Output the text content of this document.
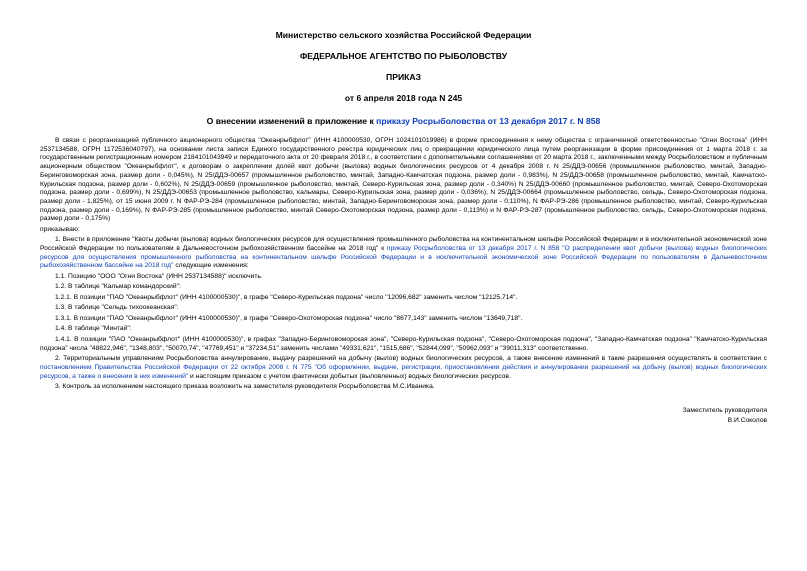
Министерство сельского хозяйства Российской Федерации
ФЕДЕРАЛЬНОЕ АГЕНТСТВО ПО РЫБОЛОВСТВУ
ПРИКАЗ
от 6 апреля 2018 года N 245
О внесении изменений в приложение к приказу Росрыболовства от 13 декабря 2017 г. N 858

В связи с реорганизацией публичного акционерного общества "Океанрыбфлот" (ИНН 4100000530, ОГРН 1024101019986) в форме присоединения к нему общества с ограниченной ответственностью "Огни Востока" (ИНН 2537134588, ОГРН 1172536040797), на основании листа записи Единого государственного реестра юридических лиц о прекращении юридического лица путем реорганизации в форме присоединения от 1 марта 2018 г. за государственным регистрационным номером 2184101043949 и передаточного акта от 20 февраля 2018 г., в соответствии с дополнительными соглашениями от 20 марта 2018 г., заключенными между Росрыболовством и публичным акционерным обществом "Океанрыбфлот", к договорам о закреплении долей квот добычи (вылова) водных биологических ресурсов от 4 декабря 2008 г. N 25/ДДЭ-00656 (промышленное рыболовство, минтай, Западно-Беринговоморская зона, размер доли - 0,045%), N 25/ДДЭ-00657 (промышленное рыболовство, минтай, Западно-Камчатская подзона, размер доли - 0,983%), N 25/ДДЭ-00658 (промышленное рыболовство, минтай, Камчатско-Курильская подзона, размер доли - 0,602%), N 25/ДДЭ-00659 (промышленное рыболовство, минтай, Северо-Курильская зона, размер доли - 0,340%) N 25/ДДЭ-00660 (промышленное рыболовство, минтай, Северо-Охотоморская подзона, размер доли - 0,699%), N 25/ДДЭ-00653 (промышленное рыболовство, кальмары, Северо-Курильская зона, размер доли - 0,036%), N 25/ДДЭ-00664 (промышленное рыболовство, сельдь, Северо-Охотоморская подзона, размер доли - 1,825%), от 15 июня 2009 г. N ФАР-РЭ-284 (промышленное рыболовство, минтай, Западно-Беринговоморская зона, размер доли - 0,110%), N ФАР-РЭ-286 (промышленное рыболовство, минтай, Северо-Курильская подзона, размер доли - 0,169%), N ФАР-РЭ-285 (промышленное рыболовство, минтай Северо-Охотоморская подзона, размер доли - 0,113%) и N ФАР-РЭ-287 (промышленное рыболовство, сельдь, Северо-Охотоморская подзона, размер доли - 0,175%)

приказываю:

1. Внести в приложение "Квоты добычи (вылова) водных биологических ресурсов для осуществления промышленного рыболовства на континентальном шельфе Российской Федерации и в исключительной экономической зоне Российской Федерации по пользователям в Дальневосточном рыбохозяйственном бассейне на 2018 год" к приказу Росрыболовства от 13 декабря 2017 г. N 858 "О распределении квот добычи (вылова) водных биологических ресурсов для осуществления промышленного рыболовства на континентальном шельфе Российской Федерации и в исключительной экономической зоне Российской Федерации по пользователям в Дальневосточном рыбохозяйственном бассейне на 2018 год" следующие изменения:

1.1. Позицию "ООО "Огни Востока" (ИНН 2537134588)" исключить.

1.2. В таблице "Кальмар командорский":

1.2.1. В позиции "ПАО "Океанрыбфлот" (ИНН 4100000530)", в графе "Северо-Курильская подзона" число "12096,682" заменить числом "12125,714".

1.3. В таблице "Сельдь тихоокеанская":

1.3.1. В позиции "ПАО "Океанрыбфлот" (ИНН 4100000530)", в графе "Северо-Охотоморская подзона" число "8677,143" заменить числом "13649,718".

1.4. В таблице "Минтай":

1.4.1. В позиции "ПАО "Океанрыбфлот" (ИНН 4100000530)", в графах "Западно-Беринговоморская зона", "Северо-Курильская подзона", "Северо-Охотоморская подзона", "Западно-Камчатская подзона" "Камчатско-Курильская подзона" числа "48822,946", "1348,803", "50070,74", "47769,451" и "37234,51" заменить числами "49331,621", "1515,686", "52844,099", "50962,093" и "39011,313" соответственно.

2. Территориальным управлениям Росрыболовства аннулирование, выдачу разрешений на добычу (вылов) водных биологических ресурсов, а также внесение изменений в такие разрешения осуществлять в соответствии с постановлением Правительства Российской Федерации от 22 октября 2008 г. N 775 "Об оформлении, выдаче, регистрации, приостановлении действия и аннулировании разрешений на добычу (вылов) водных биологических ресурсов, а также о внесении в них изменений" и настоящим приказом с учетом фактически добытых (выловленных) водных биологических ресурсов.

3. Контроль за исполнением настоящего приказа возложить на заместителя руководителя Росрыболовства М.С.Иваника.

Заместитель руководителя
В.И.Соколов
